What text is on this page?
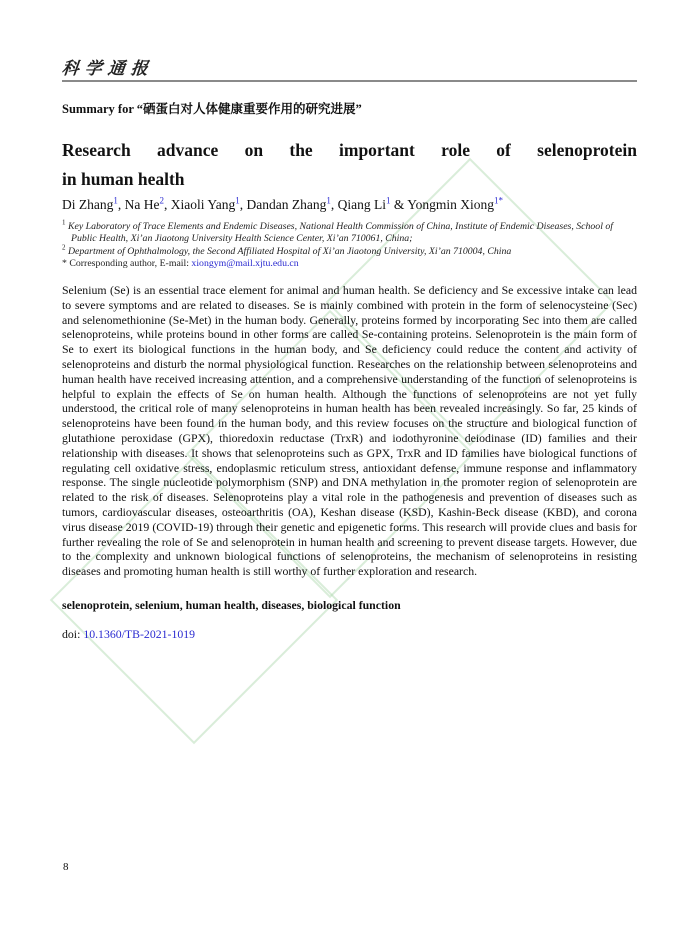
科学通报
Summary for “硒蛋白对人体健康重要作用的研究进展”
Research advance on the important role of selenoprotein
in human health
Di Zhang$^1$, Na He$^2$, Xiaoli Yang$^1$, Dandan Zhang$^1$, Qiang Li$^1$ & Yongmin Xiong$^{1*}$
$^1$ Key Laboratory of Trace Elements and Endemic Diseases, National Health Commission of China, Institute of Endemic Diseases, School of Public Health, Xi’an Jiaotong University Health Science Center, Xi’an 710061, China;
$^2$ Department of Ophthalmology, the Second Affiliated Hospital of Xi’an Jiaotong University, Xi’an 710004, China
* Corresponding author, E-mail: xiongym@mail.xjtu.edu.cn

Selenium (Se) is an essential trace element for animal and human health. Se deficiency and Se excessive intake can lead to severe symptoms and are related to diseases. Se is mainly combined with protein in the form of selenocysteine (Sec) and selenomethionine (Se-Met) in the human body. Generally, proteins formed by incorporating Sec into them are called selenoproteins, while proteins bound in other forms are called Se-containing proteins. Selenoprotein is the main form of Se to exert its biological functions in the human body, and Se deficiency could reduce the content and activity of selenoproteins and disturb the normal physiological function. Researches on the relationship between selenoproteins and human health have received increasing attention, and a comprehensive understanding of the function of selenoproteins is helpful to explain the effects of Se on human health. Although the functions of selenoproteins are not yet fully understood, the critical role of many selenoproteins in human health has been revealed increasingly. So far, 25 kinds of selenoproteins have been found in the human body, and this review focuses on the structure and biological function of glutathione peroxidase (GPX), thioredoxin reductase (TrxR) and iodothyronine deiodinase (ID) families and their relationship with diseases. It shows that selenoproteins such as GPX, TrxR and ID families have biological functions of regulating cell oxidative stress, endoplasmic reticulum stress, antioxidant defense, immune response and inflammatory response. The single nucleotide polymorphism (SNP) and DNA methylation in the promoter region of selenoprotein are related to the risk of diseases. Selenoproteins play a vital role in the pathogenesis and prevention of diseases such as tumors, cardiovascular diseases, osteoarthritis (OA), Keshan disease (KSD), Kashin-Beck disease (KBD), and corona virus disease 2019 (COVID-19) through their genetic and epigenetic forms. This research will provide clues and basis for further revealing the role of Se and selenoprotein in human health and screening to prevent disease targets. However, due to the complexity and unknown biological functions of selenoproteins, the mechanism of selenoproteins in resisting diseases and promoting human health is still worthy of further exploration and research.

selenoprotein, selenium, human health, diseases, biological function
doi: 10.1360/TB-2021-1019
8
